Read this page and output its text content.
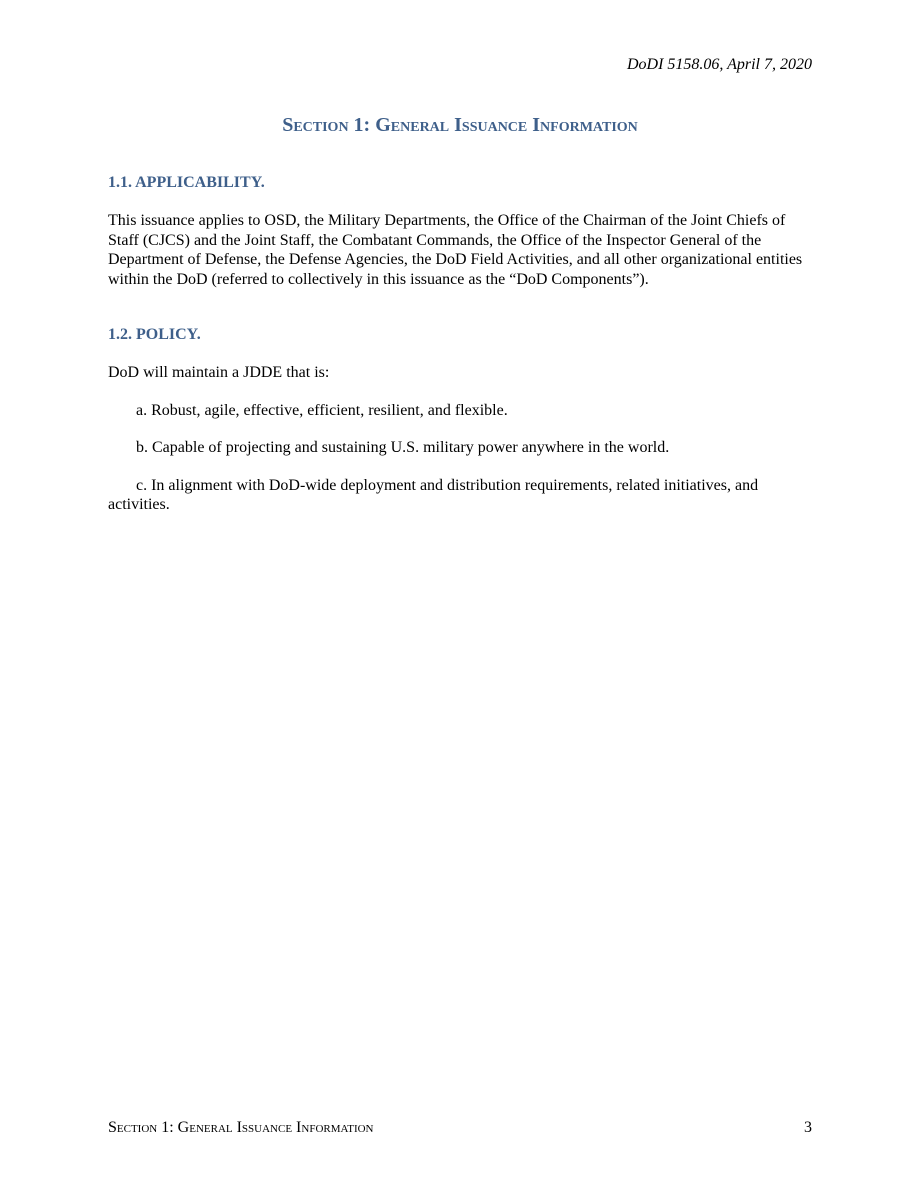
DoDI 5158.06, April 7, 2020
Section 1: General Issuance Information

1.1. APPLICABILITY.

This issuance applies to OSD, the Military Departments, the Office of the Chairman of the Joint Chiefs of Staff (CJCS) and the Joint Staff, the Combatant Commands, the Office of the Inspector General of the Department of Defense, the Defense Agencies, the DoD Field Activities, and all other organizational entities within the DoD (referred to collectively in this issuance as the “DoD Components”).

1.2. POLICY.

DoD will maintain a JDDE that is:

a. Robust, agile, effective, efficient, resilient, and flexible.

b. Capable of projecting and sustaining U.S. military power anywhere in the world.

c. In alignment with DoD-wide deployment and distribution requirements, related initiatives, and activities.

Section 1: General Issuance Information	3
